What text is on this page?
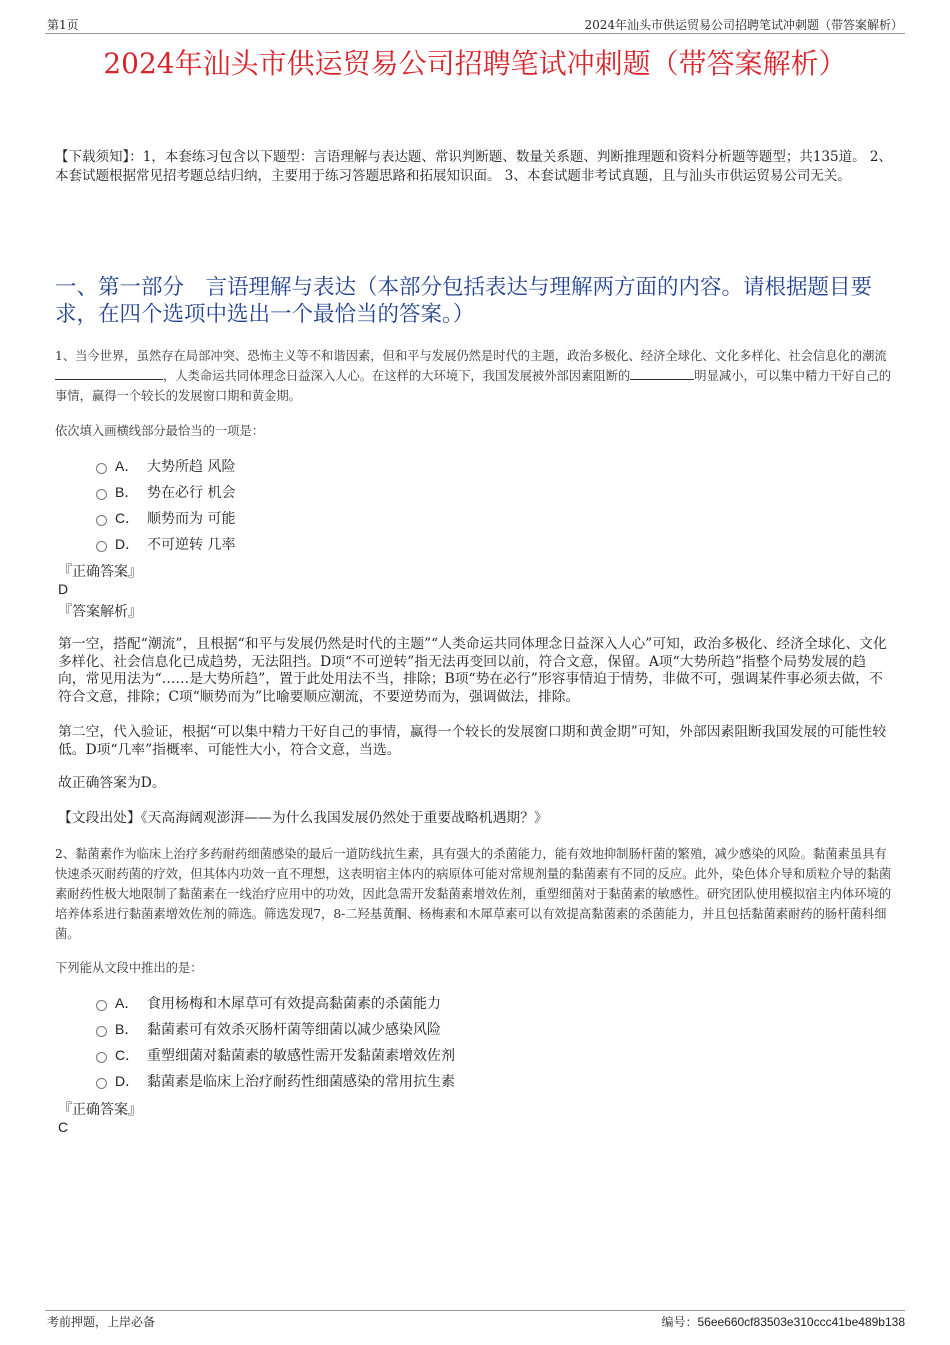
第1页	2024年汕头市供运贸易公司招聘笔试冲刺题（带答案解析）
2024年汕头市供运贸易公司招聘笔试冲刺题（带答案解析）
【下载须知】：1，本套练习包含以下题型：言语理解与表达题、常识判断题、数量关系题、判断推理题和资料分析题等题型；共135道。 2、本套试题根据常见招考题总结归纳，主要用于练习答题思路和拓展知识面。 3、本套试题非考试真题，且与汕头市供运贸易公司无关。
一、第一部分　言语理解与表达（本部分包括表达与理解两方面的内容。请根据题目要求，在四个选项中选出一个最恰当的答案。）
1、当今世界，虽然存在局部冲突、恐怖主义等不和谐因素，但和平与发展仍然是时代的主题，政治多极化、经济全球化、文化多样化、社会信息化的潮流，人类命运共同体理念日益深入人心。在这样的大环境下，我国发展被外部因素阻断的	明显减小，可以集中精力干好自己的事情，赢得一个较长的发展窗口期和黄金期。
依次填入画横线部分最恰当的一项是：
A． 大势所趋 风险
B． 势在必行 机会
C． 顺势而为 可能
D． 不可逆转 几率
『正确答案』
D
『答案解析』
第一空，搭配“潮流”，且根据“和平与发展仍然是时代的主题”“人类命运共同体理念日益深入人心”可知，政治多极化、经济全球化、文化多样化、社会信息化已成趋势，无法阻挡。D项“不可逆转”指无法再变回以前，符合文意，保留。A项“大势所趋”指整个局势发展的趋向，常见用法为“……是大势所趋”，置于此处用法不当，排除；B项“势在必行”形容事情迫于情势，非做不可，强调某件事必须去做，不符合文意，排除；C项“顺势而为”比喻要顺应潮流，不要逆势而为，强调做法，排除。
第二空，代入验证，根据“可以集中精力干好自己的事情，赢得一个较长的发展窗口期和黄金期”可知，外部因素阻断我国发展的可能性较低。D项“几率”指概率、可能性大小，符合文意，当选。
故正确答案为D。
【文段出处】《天高海阔观澎湃——为什么我国发展仍然处于重要战略机遇期？》
2、黏菌素作为临床上治疗多药耐药细菌感染的最后一道防线抗生素，具有强大的杀菌能力，能有效地抑制肠杆菌的繁殖，减少感染的风险。黏菌素虽具有快速杀灭耐药菌的疗效，但其体内功效一直不理想，这表明宿主体内的病原体可能对常规剂量的黏菌素有不同的反应。此外，染色体介导和质粒介导的黏菌素耐药性极大地限制了黏菌素在一线治疗应用中的功效，因此急需开发黏菌素增效佐剂，重塑细菌对于黏菌素的敏感性。研究团队使用模拟宿主内体环境的培养体系进行黏菌素增效佐剂的筛选。筛选发现7，8-二羟基黄酮、杨梅素和木犀草素可以有效提高黏菌素的杀菌能力，并且包括黏菌素耐药的肠杆菌科细菌。
下列能从文段中推出的是：
A． 食用杨梅和木犀草可有效提高黏菌素的杀菌能力
B． 黏菌素可有效杀灭肠杆菌等细菌以减少感染风险
C． 重塑细菌对黏菌素的敏感性需开发黏菌素增效佐剂
D． 黏菌素是临床上治疗耐药性细菌感染的常用抗生素
『正确答案』
C
考前押题，上岸必备	编号：56ee660cf83503e310ccc41be489b138
